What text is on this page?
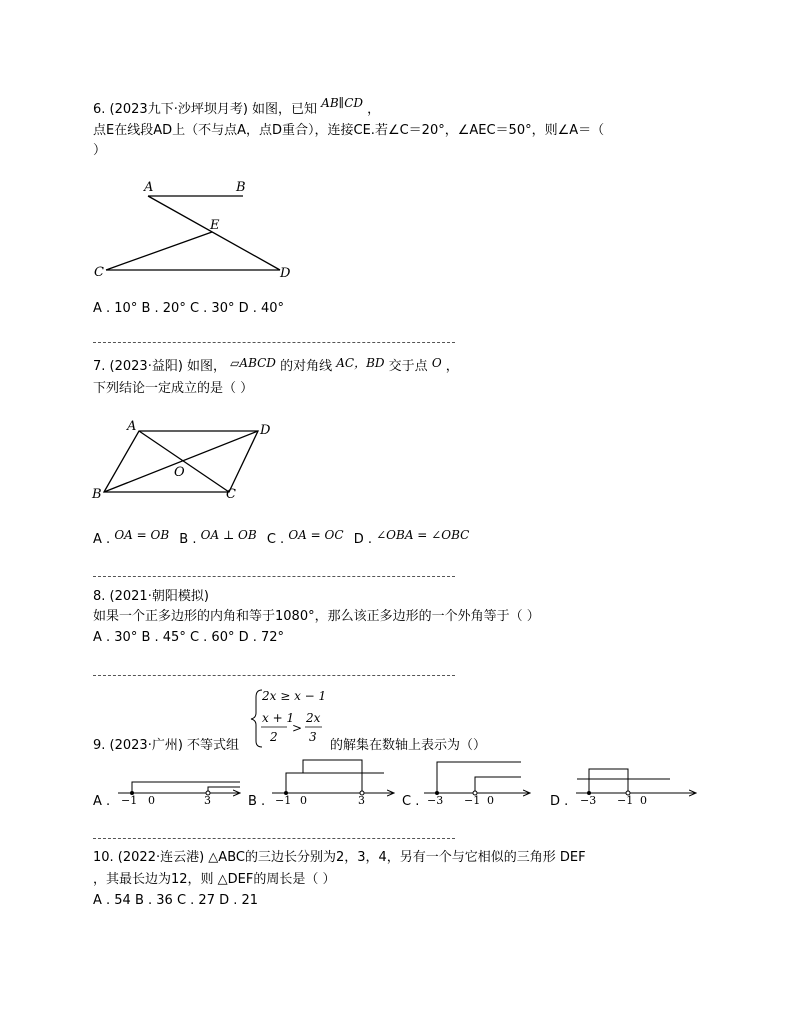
6. (2023九下·沙坪坝月考) 如图，已知 AB∥CD ，
点E在线段AD上（不与点A，点D重合），连接CE.若∠C＝20°，∠AEC＝50°，则∠A＝（
）
A	B
E
C	D
A . 10° B . 20° C . 30° D . 40°
7. (2023·益阳) 如图， ▱ABCD 的对角线 AC，BD 交于点 O ，
下列结论一定成立的是（ ）
A	D
O
B	C
A . OA = OB B . OA ⊥ OB C . OA = OC D . ∠OBA = ∠OBC
8. (2021·朝阳模拟)
如果一个正多边形的内角和等于1080°，那么该正多边形的一个外角等于（ ）
A . 30° B . 45° C . 60° D . 72°
2x ≥ x − 1
x + 1
2
>
2x
3
9. (2023·广州) 不等式组	的解集在数轴上表示为（）
−1 0	3	−1 0	3	−3 −1 0	−3 −1 0
A .	B .	C .	D .
10. (2022·连云港) △ABC的三边长分别为2，3，4，另有一个与它相似的三角形 DEF
，其最长边为12，则 △DEF的周长是（ ）
A . 54 B . 36 C . 27 D . 21
